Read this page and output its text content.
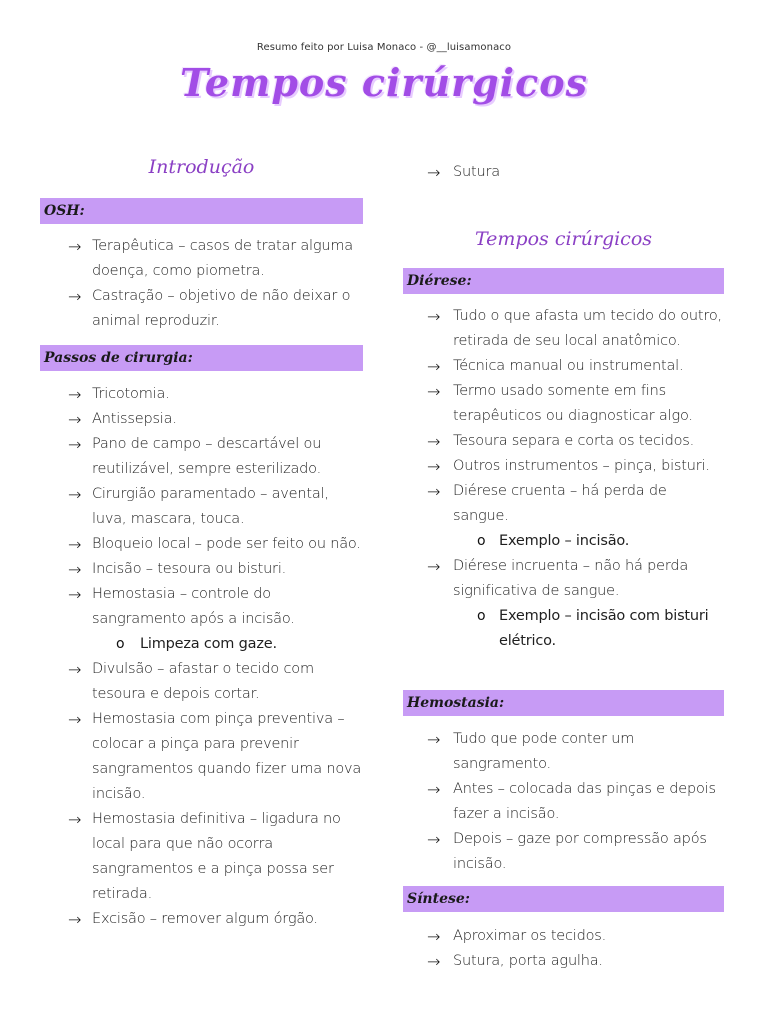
Resumo feito por Luisa Monaco - @__luisamonaco
Tempos cirúrgicos
Introdução
OSH:
→ Terapêutica – casos de tratar alguma doença, como piometra.
→ Castração – objetivo de não deixar o animal reproduzir.
Passos de cirurgia:
→ Tricotomia.
→ Antissepsia.
→ Pano de campo – descartável ou reutilizável, sempre esterilizado.
→ Cirurgião paramentado – avental, luva, mascara, touca.
→ Bloqueio local – pode ser feito ou não.
→ Incisão – tesoura ou bisturi.
→ Hemostasia – controle do sangramento após a incisão.
o Limpeza com gaze.
→ Divulsão – afastar o tecido com tesoura e depois cortar.
→ Hemostasia com pinça preventiva – colocar a pinça para prevenir sangramentos quando fizer uma nova incisão.
→ Hemostasia definitiva – ligadura no local para que não ocorra sangramentos e a pinça possa ser retirada.
→ Excisão – remover algum órgão.
→ Sutura
Tempos cirúrgicos
Diérese:
→ Tudo o que afasta um tecido do outro, retirada de seu local anatômico.
→ Técnica manual ou instrumental.
→ Termo usado somente em fins terapêuticos ou diagnosticar algo.
→ Tesoura separa e corta os tecidos.
→ Outros instrumentos – pinça, bisturi.
→ Diérese cruenta – há perda de sangue.
o Exemplo – incisão.
→ Diérese incruenta – não há perda significativa de sangue.
o Exemplo – incisão com bisturi elétrico.
Hemostasia:
→ Tudo que pode conter um sangramento.
→ Antes – colocada das pinças e depois fazer a incisão.
→ Depois – gaze por compressão após incisão.
Síntese:
→ Aproximar os tecidos.
→ Sutura, porta agulha.
